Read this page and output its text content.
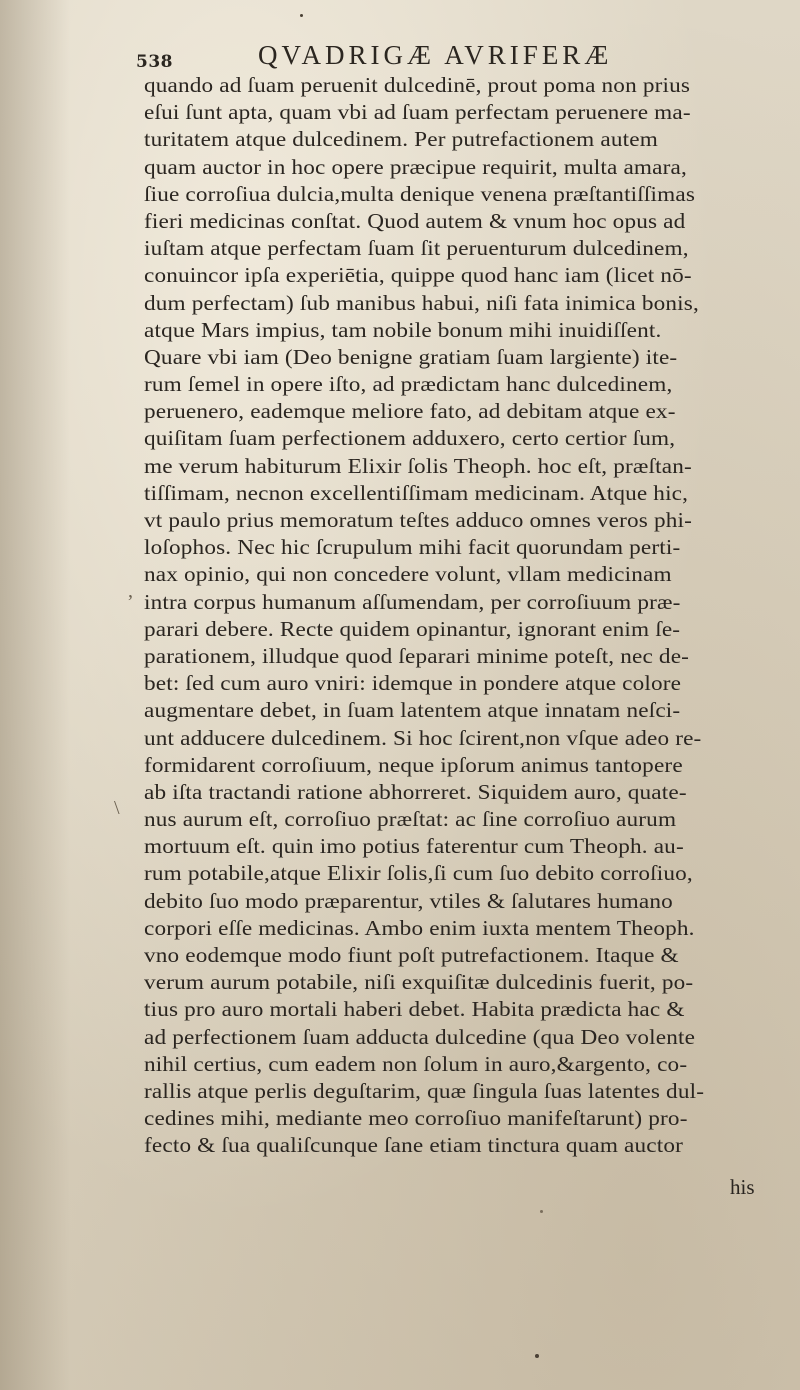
538	QVADRIGÆ AVRIFERÆ
quando ad ſuam peruenit dulcedinē, prout poma non prius
eſui ſunt apta, quam vbi ad ſuam perfectam peruenere ma-
turitatem atque dulcedinem. Per putrefactionem autem
quam auctor in hoc opere præcipue requirit, multa amara,
ſiue corroſiua dulcia,multa denique venena præſtantiſſimas
fieri medicinas conſtat. Quod autem & vnum hoc opus ad
iuſtam atque perfectam ſuam ſit peruenturum dulcedinem,
conuincor ipſa experiētia, quippe quod hanc iam (licet nō-
dum perfectam) ſub manibus habui, niſi fata inimica bonis,
atque Mars impius, tam nobile bonum mihi inuidiſſent.
Quare vbi iam (Deo benigne gratiam ſuam largiente) ite-
rum ſemel in opere iſto, ad prædictam hanc dulcedinem,
peruenero, eademque meliore fato, ad debitam atque ex-
quiſitam ſuam perfectionem adduxero, certo certior ſum,
me verum habiturum Elixir ſolis Theoph. hoc eſt, præſtan-
tiſſimam, necnon excellentiſſimam medicinam. Atque hic,
vt paulo prius memoratum teſtes adduco omnes veros phi-
loſophos. Nec hic ſcrupulum mihi facit quorundam perti-
nax opinio, qui non concedere volunt, vllam medicinam
intra corpus humanum aſſumendam, per corroſiuum præ-
parari debere. Recte quidem opinantur, ignorant enim ſe-
parationem, illudque quod ſeparari minime poteſt, nec de-
bet: ſed cum auro vniri: idemque in pondere atque colore
augmentare debet, in ſuam latentem atque innatam neſci-
unt adducere dulcedinem. Si hoc ſcirent,non vſque adeo re-
formidarent corroſiuum, neque ipſorum animus tantopere
ab iſta tractandi ratione abhorreret. Siquidem auro, quate-
nus aurum eſt, corroſiuo præſtat: ac ſine corroſiuo aurum
mortuum eſt. quin imo potius faterentur cum Theoph. au-
rum potabile,atque Elixir ſolis,ſi cum ſuo debito corroſiuo,
debito ſuo modo præparentur, vtiles & ſalutares humano
corpori eſſe medicinas. Ambo enim iuxta mentem Theoph.
vno eodemque modo fiunt poſt putrefactionem. Itaque &
verum aurum potabile, niſi exquiſitæ dulcedinis fuerit, po-
tius pro auro mortali haberi debet. Habita prædicta hac &
ad perfectionem ſuam adducta dulcedine (qua Deo volente
nihil certius, cum eadem non ſolum in auro,&argento, co-
rallis atque perlis deguſtarim, quæ ſingula ſuas latentes dul-
cedines mihi, mediante meo corroſiuo manifeſtarunt) pro-
fecto & ſua qualiſcunque ſane etiam tinctura quam auctor
his
,
\
